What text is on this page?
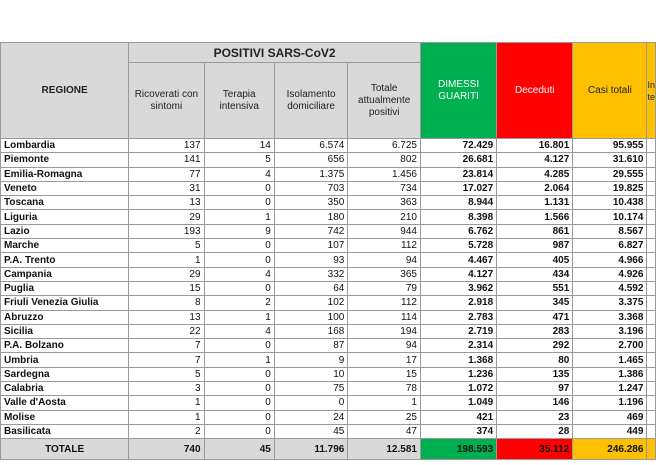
REGIONE	POSITIVI SARS-CoV2				DIMESSI GUARITI	Deceduti	Casi totali	In te
	Ricoverati con sintomi	Terapia intensiva	Isolamento domiciliare	Totale attualmente positivi				
Lombardia	137	14	6.574	6.725	72.429	16.801	95.955	
Piemonte	141	5	656	802	26.681	4.127	31.610	
Emilia-Romagna	77	4	1.375	1.456	23.814	4.285	29.555	
Veneto	31	0	703	734	17.027	2.064	19.825	
Toscana	13	0	350	363	8.944	1.131	10.438	
Liguria	29	1	180	210	8.398	1.566	10.174	
Lazio	193	9	742	944	6.762	861	8.567	
Marche	5	0	107	112	5.728	987	6.827	
P.A. Trento	1	0	93	94	4.467	405	4.966	
Campania	29	4	332	365	4.127	434	4.926	
Puglia	15	0	64	79	3.962	551	4.592	
Friuli Venezia Giulia	8	2	102	112	2.918	345	3.375	
Abruzzo	13	1	100	114	2.783	471	3.368	
Sicilia	22	4	168	194	2.719	283	3.196	
P.A. Bolzano	7	0	87	94	2.314	292	2.700	
Umbria	7	1	9	17	1.368	80	1.465	
Sardegna	5	0	10	15	1.236	135	1.386	
Calabria	3	0	75	78	1.072	97	1.247	
Valle d'Aosta	1	0	0	1	1.049	146	1.196	
Molise	1	0	24	25	421	23	469	
Basilicata	2	0	45	47	374	28	449	
TOTALE	740	45	11.796	12.581	198.593	35.112	246.286	
